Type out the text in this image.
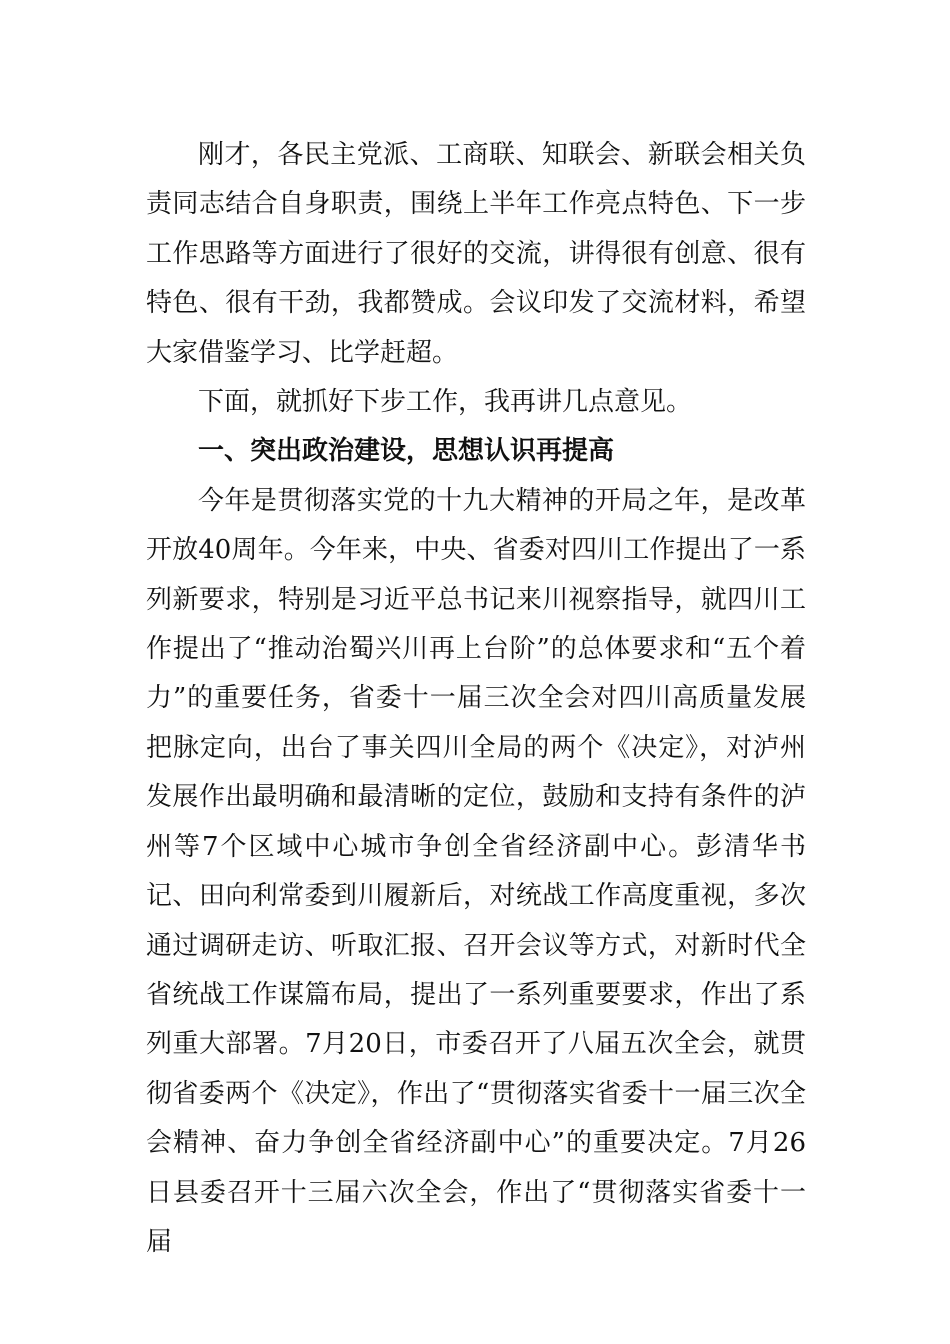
刚才，各民主党派、工商联、知联会、新联会相关负责同志结合自身职责，围绕上半年工作亮点特色、下一步工作思路等方面进行了很好的交流，讲得很有创意、很有特色、很有干劲，我都赞成。会议印发了交流材料，希望大家借鉴学习、比学赶超。

下面，就抓好下步工作，我再讲几点意见。

一、突出政治建设，思想认识再提高

今年是贯彻落实党的十九大精神的开局之年，是改革开放40周年。今年来，中央、省委对四川工作提出了一系列新要求，特别是习近平总书记来川视察指导，就四川工作提出了“推动治蜀兴川再上台阶”的总体要求和“五个着力”的重要任务，省委十一届三次全会对四川高质量发展把脉定向，出台了事关四川全局的两个《决定》，对泸州发展作出最明确和最清晰的定位，鼓励和支持有条件的泸州等7个区域中心城市争创全省经济副中心。彭清华书记、田向利常委到川履新后，对统战工作高度重视，多次通过调研走访、听取汇报、召开会议等方式，对新时代全省统战工作谋篇布局，提出了一系列重要要求，作出了系列重大部署。7月20日，市委召开了八届五次全会，就贯彻省委两个《决定》，作出了“贯彻落实省委十一届三次全会精神、奋力争创全省经济副中心”的重要决定。7月26日县委召开十三届六次全会，作出了“贯彻落实省委十一届
